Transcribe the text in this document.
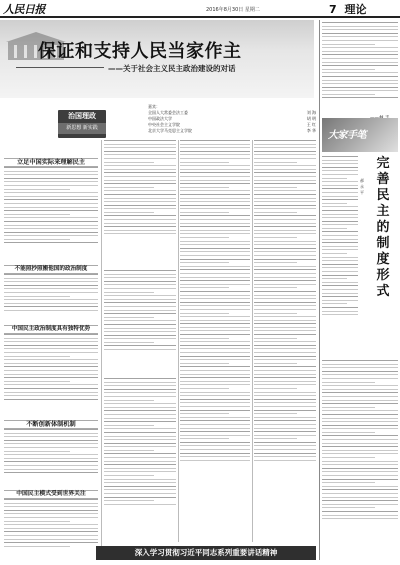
人民日报	2016年8月30日 星期二	7 理论
保证和支持人民当家作主
——关于社会主义民主政治建设的对话
治国理政
新思想 新实践
嘉宾：
全国人大常委会法工委	刘 海
中国政法大学	胡 明
中央社会主义学院	王 红
北京大学马克思主义学院	李 华
立足中国实际来理解民主
不能照抄照搬他国的政治制度
中国民主政治制度具有独特优势
不断创新体制机制
中国民主模式受到世界关注
大家手笔
完善民主的制度形式
郝永平
深入学习贯彻习近平同志系列重要讲话精神
